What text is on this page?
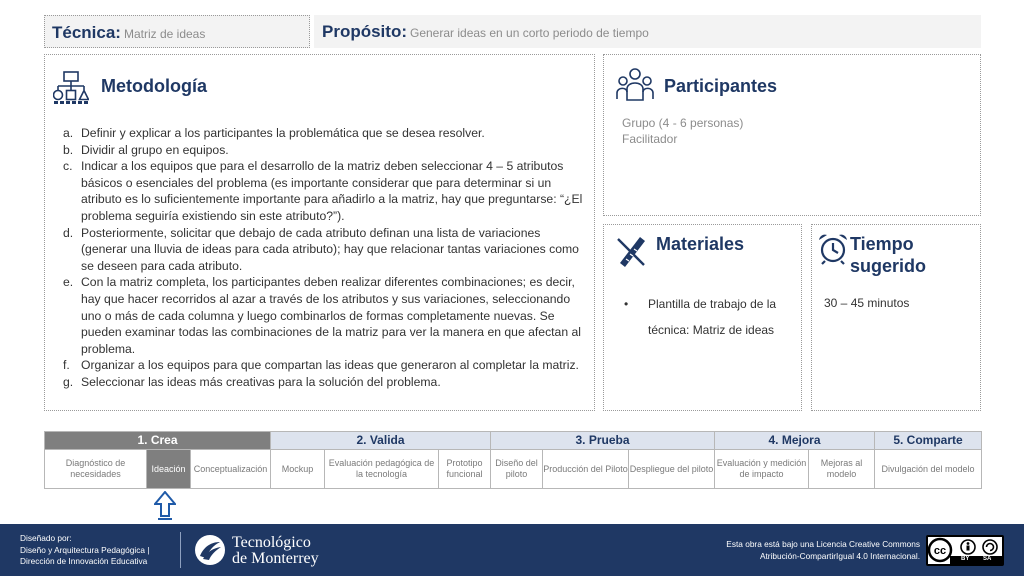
Técnica: Matriz de ideas	Propósito: Generar ideas en un corto periodo de tiempo
Metodología
a. Definir y explicar a los participantes la problemática que se desea resolver.
b. Dividir al grupo en equipos.
c. Indicar a los equipos que para el desarrollo de la matriz deben seleccionar 4 – 5 atributos básicos o esenciales del problema (es importante considerar que para determinar si un atributo es lo suficientemente importante para añadirlo a la matriz, hay que preguntarse: “¿El problema seguiría existiendo sin este atributo?”).
d. Posteriormente, solicitar que debajo de cada atributo definan una lista de variaciones (generar una lluvia de ideas para cada atributo); hay que relacionar tantas variaciones como se deseen para cada atributo.
e. Con la matriz completa, los participantes deben realizar diferentes combinaciones; es decir, hay que hacer recorridos al azar a través de los atributos y sus variaciones, seleccionando uno o más de cada columna y luego combinarlos de formas completamente nuevas. Se pueden examinar todas las combinaciones de la matriz para ver la manera en que afectan al problema.
f. Organizar a los equipos para que compartan las ideas que generaron al completar la matriz.
g. Seleccionar las ideas más creativas para la solución del problema.
Participantes
Grupo (4 - 6 personas)
Facilitador
Materiales
• Plantilla de trabajo de la técnica: Matriz de ideas
Tiempo
sugerido
30 – 45 minutos
1. Crea			2. Valida			3. Prueba			4. Mejora		5. Comparte
Diagnóstico de necesidades	Ideación	Conceptualización	Mockup	Evaluación pedagógica de la tecnología	Prototipo funcional	Diseño del piloto	Producción del Piloto	Despliegue del piloto	Evaluación y medición de impacto	Mejoras al modelo	Divulgación del modelo
Diseñado por:
Diseño y Arquitectura Pedagógica |
Dirección de Innovación Educativa
Tecnológico
de Monterrey
Esta obra está bajo una Licencia Creative Commons
Atribución-CompartirIgual 4.0 Internacional. cc
BY SA
